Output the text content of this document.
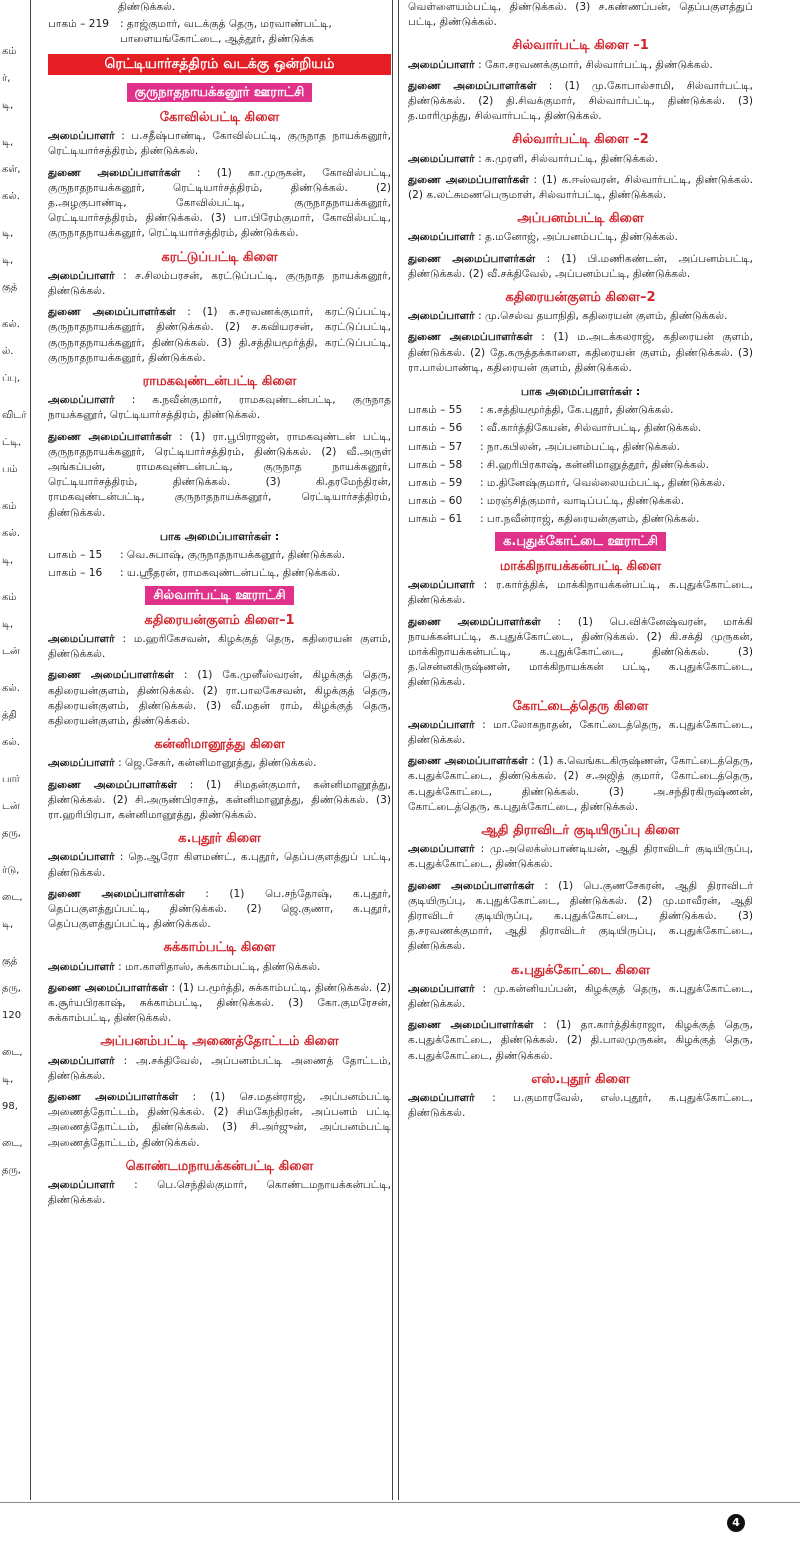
கம்
ர்,
டி,
டி,
கள்,
கல்.
டி,
டி,
குத்
கல்.
ல்.
ப்பு,
விடர்
ட்டி,
பம்
கம்
கல்.
டி,
கம்
டி,
டன்
கல்.
த்தி
கல்.
பார்
டன்
தரு,
ர்டு,
டை,
டி,
குத்
தரு,
120
டை,
டி,
98,
டை,
தரு,

திண்டுக்கல்.

பாகம் – 219	: தாஜ்குமார், வடக்குத் தெரு, மரவாண்பட்டி, பாளையங்கோட்டை, ஆத்தூர், திண்டுக்க
ரெட்டியார்சத்திரம் வடக்கு ஒன்றியம்
குருநாதநாயக்கனூர் ஊராட்சி
கோவில்பட்டி கிளை

அமைப்பாளர் : ப.சதீஷ்பாண்டி, கோவில்பட்டி, குருநாத நாயக்கனூர், ரெட்டியார்சத்திரம், திண்டுக்கல்.

துணை அமைப்பாளர்கள் : (1) கா.முருகன், கோவில்பட்டி, குருநாதநாயக்கனூர், ரெட்டியார்சத்திரம், திண்டுக்கல். (2) த.அழகுபாண்டி, கோவில்பட்டி, குருநாதநாயக்கனூர், ரெட்டியார்சத்திரம், திண்டுக்கல். (3) பா.பிரேம்குமார், கோவில்பட்டி, குருநாதநாயக்கனூர், ரெட்டியார்சத்திரம், திண்டுக்கல்.

கரட்டுப்பட்டி கிளை

அமைப்பாளர் : ச.சிலம்பரசன், கரட்டுப்பட்டி, குருநாத நாயக்கனூர், திண்டுக்கல்.

துணை அமைப்பாளர்கள் : (1) க.சரவணக்குமார், கரட்டுப்பட்டி, குருநாதநாயக்கனூர், திண்டுக்கல். (2) ச.கவியரசன், கரட்டுப்பட்டி, குருநாதநாயக்கனூர், திண்டுக்கல். (3) தி.சத்தியமூர்த்தி, கரட்டுப்பட்டி, குருநாதநாயக்கனூர், திண்டுக்கல்.

ராமகவுண்டன்பட்டி கிளை

அமைப்பாளர் : க.நவீன்குமார், ராமகவுண்டன்பட்டி, குருநாத நாயக்கனூர், ரெட்டியார்சத்திரம், திண்டுக்கல்.

துணை அமைப்பாளர்கள் : (1) ரா.பூபிராஜன், ராமகவுண்டன் பட்டி, குருநாதநாயக்கனூர், ரெட்டியார்சத்திரம், திண்டுக்கல். (2) வீ.அருள் அங்கப்பன், ராமகவுண்டன்பட்டி, குருநாத நாயக்கனூர், ரெட்டியார்சத்திரம், திண்டுக்கல். (3) கி.தரமேந்திரன், ராமகவுண்டன்பட்டி, குருநாதநாயக்கனூர், ரெட்டியார்சத்திரம், திண்டுக்கல்.

பாக அமைப்பாளர்கள் :
பாகம் – 15	: வெ.சுபாஷ், குருநாதநாயக்கனூர், திண்டுக்கல்.
பாகம் – 16	: ய.ஸ்ரீதரன், ராமகவுண்டன்பட்டி, திண்டுக்கல்.
சில்வார்பட்டி ஊராட்சி
கதிரையன்குளம் கிளை–1

அமைப்பாளர் : ம.ஹரிகேசவன், கிழக்குத் தெரு, கதிரையன் குளம், திண்டுக்கல்.

துணை அமைப்பாளர்கள் : (1) கே.முனீஸ்வரன், கிழக்குத் தெரு, கதிரையன்குளம், திண்டுக்கல். (2) ரா.பாலகேசவன், கிழக்குத் தெரு, கதிரையன்குளம், திண்டுக்கல். (3) வீ.மதன் ராம், கிழக்குத் தெரு, கதிரையன்குளம், திண்டுக்கல்.

கன்னிமானூத்து கிளை

அமைப்பாளர் : ஜெ.சேகர், கன்னிமானூத்து, திண்டுக்கல்.

துணை அமைப்பாளர்கள் : (1) சிமதன்குமார், கன்னிமானூத்து, திண்டுக்கல். (2) சி.அருண்பிரசாத், கன்னிமானூத்து, திண்டுக்கல். (3) ரா.ஹரிபிரபா, கன்னிமானூத்து, திண்டுக்கல்.

க.புதூர் கிளை

அமைப்பாளர் : நெ.ஆரோ கிளமண்ட், க.புதூர், தெப்பகுளத்துப் பட்டி, திண்டுக்கல்.

துணை அமைப்பாளர்கள் : (1) பெ.சந்தோஷ், க.புதூர், தெப்பகுளத்துப்பட்டி, திண்டுக்கல். (2) ஜெ.குணா, க.புதூர், தெப்பகுளத்துப்பட்டி, திண்டுக்கல்.

சுக்காம்பட்டி கிளை

அமைப்பாளர் : மா.காளிதாஸ், சுக்காம்பட்டி, திண்டுக்கல்.

துணை அமைப்பாளர்கள் : (1) ப.மூர்த்தி, சுக்காம்பட்டி, திண்டுக்கல். (2) க.சூர்யபிரகாஷ், சுக்காம்பட்டி, திண்டுக்கல். (3) கோ.குமரேசன், சுக்காம்பட்டி, திண்டுக்கல்.

அப்பனம்பட்டி அணைத்தோட்டம் கிளை

அமைப்பாளர் : அ.சக்திவேல், அப்பனம்பட்டி அணைத் தோட்டம், திண்டுக்கல்.

துணை அமைப்பாளர்கள் : (1) செ.மதன்ராஜ், அப்பனம்பட்டி அணைத்தோட்டம், திண்டுக்கல். (2) சிமகேந்திரன், அப்பனம் பட்டி அணைத்தோட்டம், திண்டுக்கல். (3) சி.அர்ஜுன், அப்பனம்பட்டி அணைத்தோட்டம், திண்டுக்கல்.

கொண்டமநாயக்கன்பட்டி கிளை

அமைப்பாளர் : பெ.செந்தில்குமார், கொண்டமநாயக்கன்பட்டி, திண்டுக்கல்.

வெள்ளையம்பட்டி, திண்டுக்கல். (3) ச.கண்ணப்பன், தெப்பகுளத்துப் பட்டி, திண்டுக்கல்.

சில்வார்பட்டி கிளை –1

அமைப்பாளர் : கோ.சரவணக்குமார், சில்வார்பட்டி, திண்டுக்கல்.

துணை அமைப்பாளர்கள் : (1) மு.கோபால்சாமி, சில்வார்பட்டி, திண்டுக்கல். (2) தி.சிவக்குமார், சில்வார்பட்டி, திண்டுக்கல். (3) த.மாரிமுத்து, சில்வார்பட்டி, திண்டுக்கல்.

சில்வார்பட்டி கிளை –2

அமைப்பாளர் : க.முரளி, சில்வார்பட்டி, திண்டுக்கல்.

துணை அமைப்பாளர்கள் : (1) க.ஈஸ்வரன், சில்வார்பட்டி, திண்டுக்கல். (2) க.லட்சுமணபெருமாள், சில்வார்பட்டி, திண்டுக்கல்.

அப்பனம்பட்டி கிளை

அமைப்பாளர் : த.மனோஜ், அப்பனம்பட்டி, திண்டுக்கல்.

துணை அமைப்பாளர்கள் : (1) பி.மணிகண்டன், அப்பனம்பட்டி, திண்டுக்கல். (2) வீ.சக்திவேல், அப்பனம்பட்டி, திண்டுக்கல்.

கதிரையன்குளம் கிளை–2

அமைப்பாளர் : மு.செல்வ தயாநிதி, கதிரையன் குளம், திண்டுக்கல்.

துணை அமைப்பாளர்கள் : (1) ம.அடக்கலராஜ், கதிரையன் குளம், திண்டுக்கல். (2) தே.கருத்தக்காளை, கதிரையன் குளம், திண்டுக்கல். (3) ரா.பால்பாண்டி, கதிரையன் குளம், திண்டுக்கல்.

பாக அமைப்பாளர்கள் :
பாகம் – 55	: க.சத்தியமூர்த்தி, கே.புதூர், திண்டுக்கல்.
பாகம் – 56	: வீ.கார்த்திகேயன், சில்வார்பட்டி, திண்டுக்கல்.
பாகம் – 57	: நா.கபிலன், அப்பனம்பட்டி, திண்டுக்கல்.
பாகம் – 58	: சி.ஹரிபிரகாஷ், கன்னிமானுத்தூர், திண்டுக்கல்.
பாகம் – 59	: ம.தினேஷ்குமார், வெல்லையம்பட்டி, திண்டுக்கல்.
பாகம் – 60	: மரஞ்சித்குமார், வாடிப்பட்டி, திண்டுக்கல்.
பாகம் – 61	: பா.நவீன்ராஜ், கதிரையன்குளம், திண்டுக்கல்.
க.புதுக்கோட்டை ஊராட்சி
மாக்கிநாயக்கன்பட்டி கிளை

அமைப்பாளர் : ர.கார்த்திக், மாக்கிநாயக்கன்பட்டி, க.புதுக்கோட்டை, திண்டுக்கல்.

துணை அமைப்பாளர்கள் : (1) பெ.விக்னேஷ்வரன், மாக்கி நாயக்கன்பட்டி, க.புதுக்கோட்டை, திண்டுக்கல். (2) கி.சக்தி முருகன், மாக்கிநாயக்கன்பட்டி, க.புதுக்கோட்டை, திண்டுக்கல். (3) த.சென்னகிருஷ்ணன், மாக்கிநாயக்கன் பட்டி, க.புதுக்கோட்டை, திண்டுக்கல்.

கோட்டைத்தெரு கிளை

அமைப்பாளர் : மா.லோகநாதன், கோட்டைத்தெரு, க.புதுக்கோட்டை, திண்டுக்கல்.

துணை அமைப்பாளர்கள் : (1) க.வெங்கடகிருஷ்ணன், கோட்டைத்தெரு, க.புதுக்கோட்டை, திண்டுக்கல். (2) ச.அஜித் குமார், கோட்டைத்தெரு, க.புதுக்கோட்டை, திண்டுக்கல். (3) அ.சந்திரகிருஷ்ணன், கோட்டைத்தெரு, க.புதுக்கோட்டை, திண்டுக்கல்.

ஆதி திராவிடர் குடியிருப்பு கிளை

அமைப்பாளர் : மு.அலெக்ஸ்பாண்டியன், ஆதி திராவிடர் குடியிருப்பு, க.புதுக்கோட்டை, திண்டுக்கல்.

துணை அமைப்பாளர்கள் : (1) பெ.குணசேகரன், ஆதி திராவிடர் குடியிருப்பு, க.புதுக்கோட்டை, திண்டுக்கல். (2) மு.மாவீரன், ஆதி திராவிடர் குடியிருப்பு, க.புதுக்கோட்டை, திண்டுக்கல். (3) த.சரவணக்குமார், ஆதி திராவிடர் குடியிருப்பு, க.புதுக்கோட்டை, திண்டுக்கல்.

க.புதுக்கோட்டை கிளை

அமைப்பாளர் : மு.கன்னியப்பன், கிழக்குத் தெரு, க.புதுக்கோட்டை, திண்டுக்கல்.

துணை அமைப்பாளர்கள் : (1) தா.கார்த்திக்ராஜா, கிழக்குத் தெரு, க.புதுக்கோட்டை, திண்டுக்கல். (2) தி.பாலமுருகன், கிழக்குத் தெரு, க.புதுக்கோட்டை, திண்டுக்கல்.

எஸ்.புதூர் கிளை

அமைப்பாளர் : ப.குமாரவேல், எஸ்.புதூர், க.புதுக்கோட்டை, திண்டுக்கல்.

4
